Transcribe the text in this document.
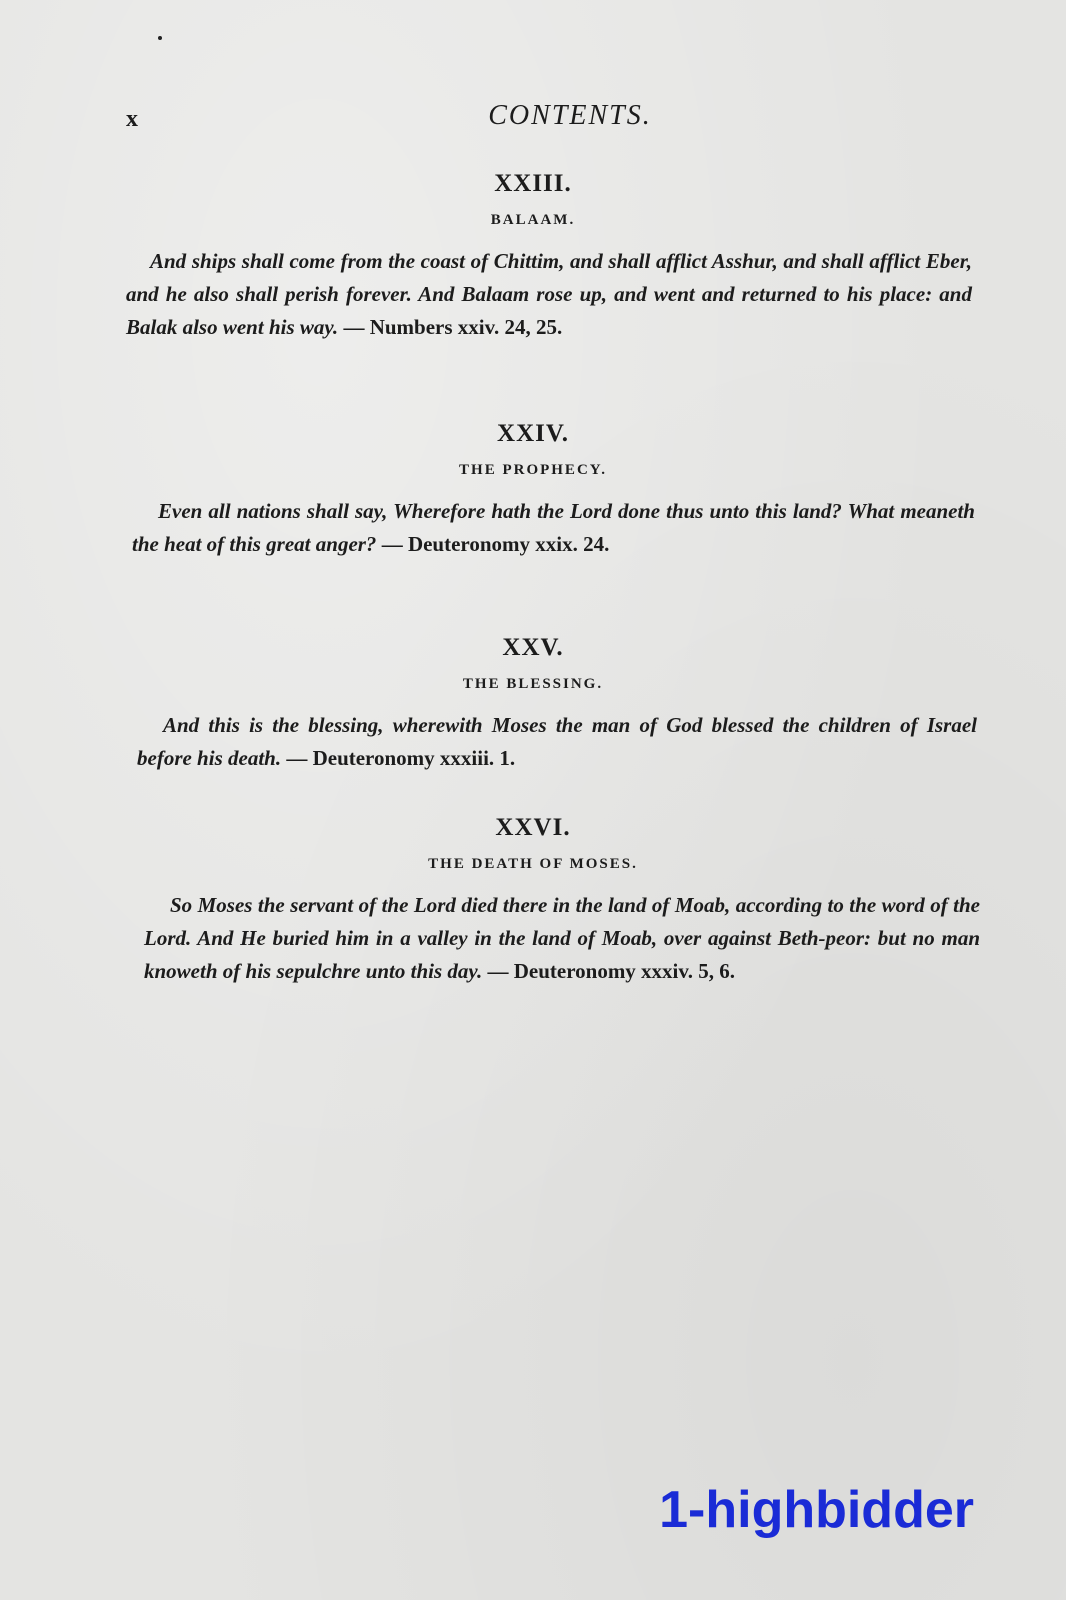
x	CONTENTS.
XXIII.
BALAAM.
And ships shall come from the coast of Chittim, and shall afflict Asshur, and shall afflict Eber, and he also shall perish forever. And Balaam rose up, and went and returned to his place: and Balak also went his way. — Numbers xxiv. 24, 25.
XXIV.
THE PROPHECY.
Even all nations shall say, Wherefore hath the Lord done thus unto this land? What meaneth the heat of this great anger? — Deuteronomy xxix. 24.
XXV.
THE BLESSING.
And this is the blessing, wherewith Moses the man of God blessed the children of Israel before his death. — Deuteronomy xxxiii. 1.
XXVI.
THE DEATH OF MOSES.
So Moses the servant of the Lord died there in the land of Moab, according to the word of the Lord. And He buried him in a valley in the land of Moab, over against Beth-peor: but no man knoweth of his sepulchre unto this day. — Deuteronomy xxxiv. 5, 6.
1-highbidder
